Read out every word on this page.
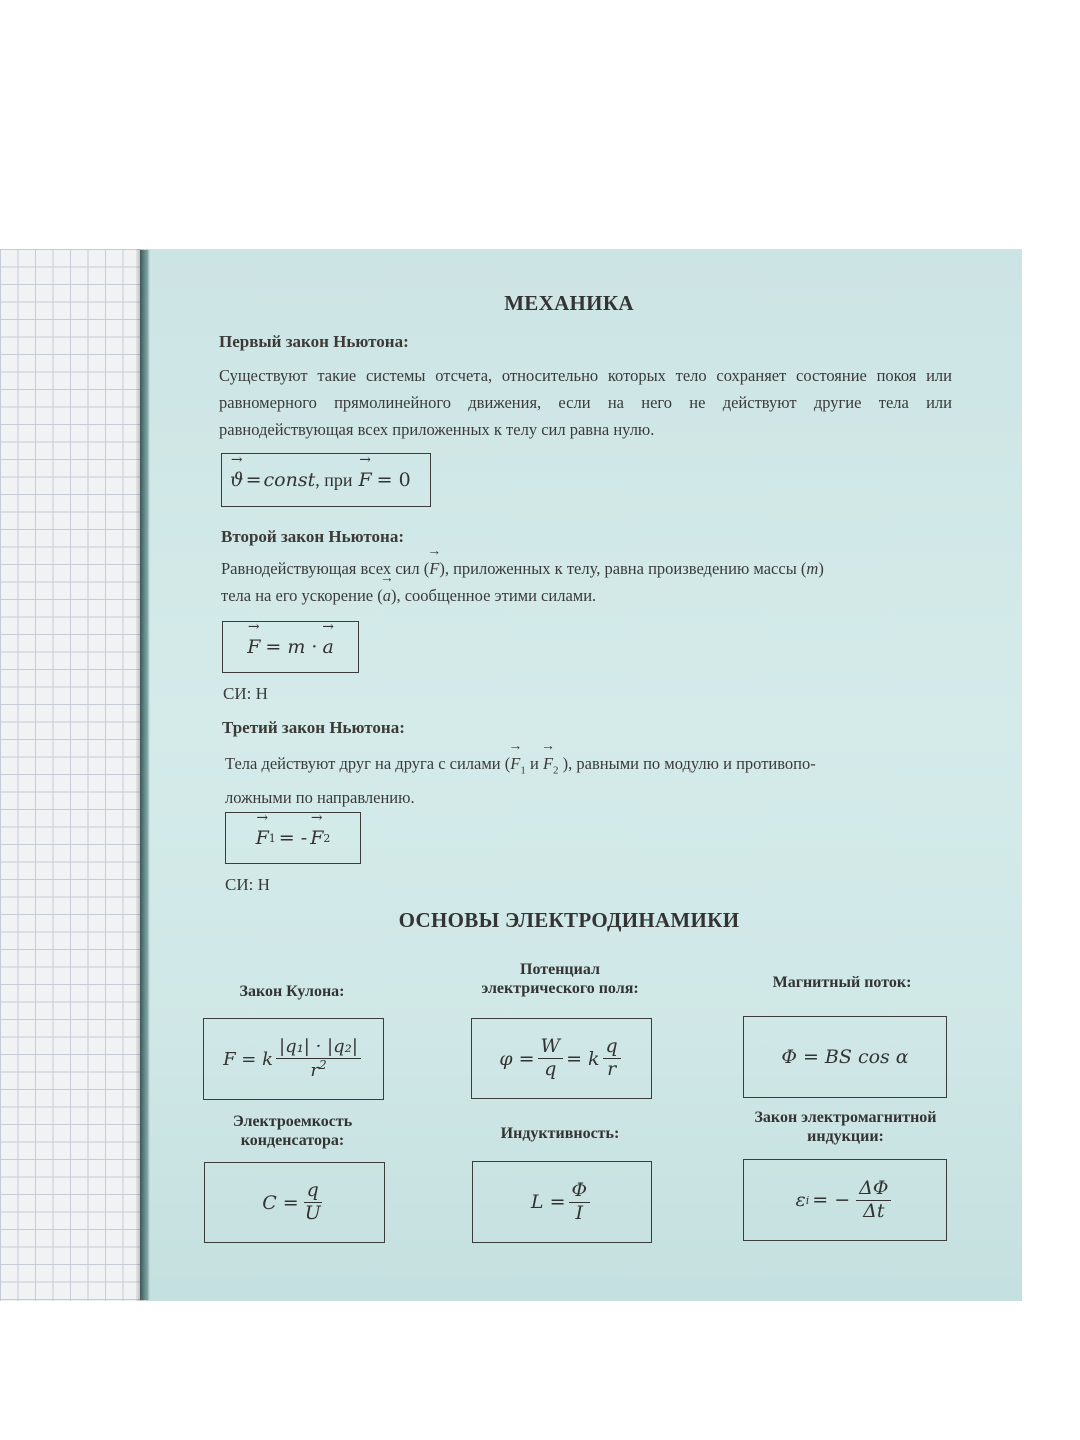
МЕХАНИКА
Первый закон Ньютона:
Существуют такие системы отсчета, относительно которых тело сохраняет состояние покоя или равномерного прямолинейного движения, если на него не действуют другие тела или равнодействующая всех приложенных к телу сил равна нулю.
→ ϑ = const , при → F = 0
Второй закон Ньютона:
Равнодействующая всех сил (→ F), приложенных к телу, равна произведению массы (m)
тела на его ускорение (→ a), сообщенное этими силами.
→ F = m · → a
СИ: Н
Третий закон Ньютона:
Тела действуют друг на друга с силами (→ $F_1$ $и \to F_2$ ), равными по модулю и противопо-
ложными по направлению.
→ F 1 = - → F 2
СИ: Н
ОСНОВЫ ЭЛЕКТРОДИНАМИКИ
Закон Кулона:
F = k $\frac{\text{|q₁| · |q₂|}}{r^2}$
Потенциал
электрического поля:
$\varphi = \frac{W}{q} = k \frac{q}{r}$
Магнитный поток:
Φ = BS cos α
Электроемкость
конденсатора:
$C = \frac{q}{U}$
Индуктивность:
$L = \frac{\Phi}{I}$
Закон электромагнитной
индукции:
ε i = − $\frac{\Delta\Phi}{\Delta t}$
